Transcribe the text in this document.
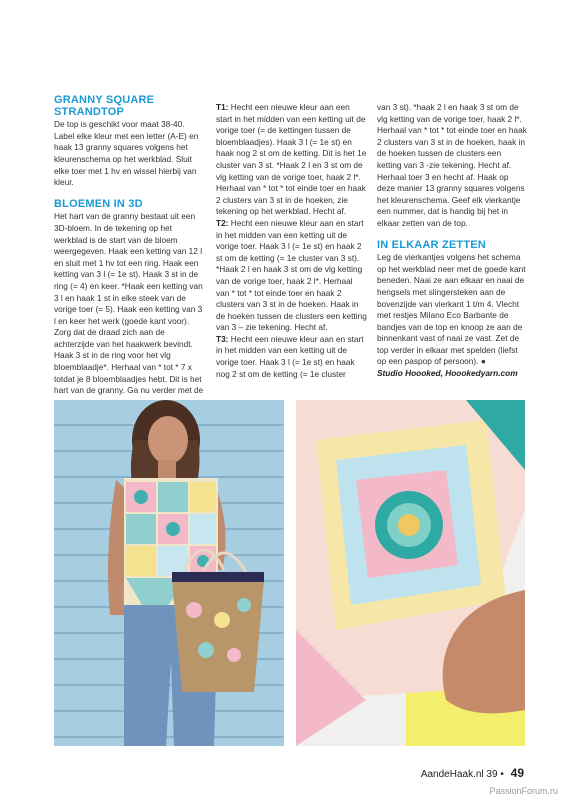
GRANNY SQUARE STRANDTOP

De top is geschikt voor maat 38-40. Label elke kleur met een letter (A-E) en haak 13 granny squares volgens het kleurenschema op het werkblad. Sluit elke toer met 1 hv en wissel hierbij van kleur.

BLOEMEN IN 3D

Het hart van de granny bestaat uit een 3D-bloem. In de tekening op het werkblad is de start van de bloem weergegeven. Haak een ketting van 12 l en sluit met 1 hv tot een ring. Haak een ketting van 3 l (= 1e st). Haak 3 st in de ring (= 4) en keer. *Haak een ketting van 3 l en haak 1 st in elke steek van de vorige toer (= 5). Haak een ketting van 3 l en keer het werk (goede kant voor). Zorg dat de draad zich aan de achterzijde van het haakwerk bevindt. Haak 3 st in de ring voor het vlg bloemblaadje*. Herhaal van * tot * 7 x totdat je 8 bloemblaadjes hebt. Dit is het hart van de granny. Ga nu verder met de

T1: Hecht een nieuwe kleur aan een start in het midden van een ketting uit de vorige toer (= de kettingen tussen de bloemblaadjes). Haak 3 l (= 1e st) en haak nog 2 st om de ketting. Dit is het 1e cluster van 3 st. *Haak 2 l en 3 st om de vlg ketting van de vorige toer, haak 2 l*. Herhaal van * tot * tot einde toer en haak 2 clusters van 3 st in de hoeken, zie tekening op het werkblad. Hecht af.

T2: Hecht een nieuwe kleur aan en start in het midden van een ketting uit de vorige toer. Haak 3 l (= 1e st) en haak 2 st om de ketting (= 1e cluster van 3 st). *Haak 2 l en haak 3 st om de vlg ketting van de vorige toer, haak 2 l*. Herhaal van * tot * tot einde toer en haak 2 clusters van 3 st in de hoeken. Haak in de hoeken tussen de clusters een ketting van 3 – zie tekening. Hecht af.

T3: Hecht een nieuwe kleur aan en start in het midden van een ketting uit de vorige toer. Haak 3 l (= 1e st) en haak nog 2 st om de ketting (= 1e cluster

van 3 st). *haak 2 l en haak 3 st om de vlg ketting van de vorige toer, haak 2 l*. Herhaal van * tot * tot einde toer en haak 2 clusters van 3 st in de hoeken, haak in de hoeken tussen de clusters een ketting van 3 -zie tekening. Hecht af. Herhaal toer 3 en hecht af. Haak op deze manier 13 granny squares volgens het kleurenschema. Geef elk vierkantje een nummer, dat is handig bij het in elkaar zetten van de top.

IN ELKAAR ZETTEN

Leg de vierkantjes volgens het schema op het werkblad neer met de goede kant beneden. Naai ze aan elkaar en naai de hengsels met slingersteken aan de bovenzijde van vierkant 1 t/m 4. Vlecht met restjes Milano Eco Barbante de bandjes van de top en knoop ze aan de binnenkant vast of naai ze vast. Zet de top verder in elkaar met spelden (liefst op een paspop of persoon). ●

Studio Hoooked, Hoookedyarn.com

AandeHaak.nl 39 • 49
PassionForum.ru
